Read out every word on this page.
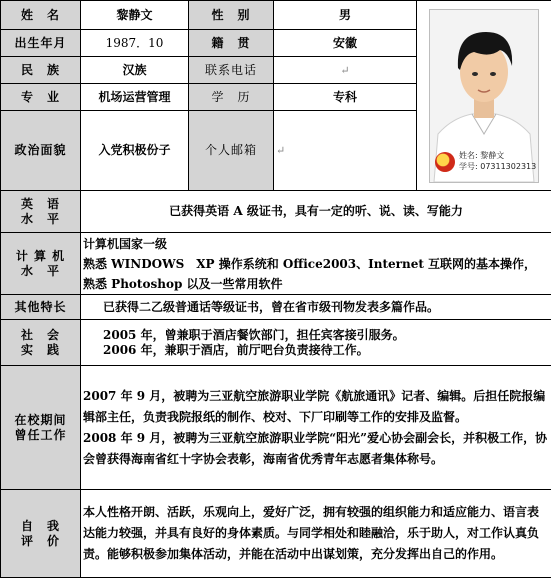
姓　名	黎静文	性　别	男	姓名: 黎静文
学号: 07311302313

出生年月	1987．10	籍　贯	安徽	
民　族	汉族	联系电话	↵	
专　业	机场运营管理	学　历	专科	
政治面貌	入党积极份子	个人邮箱	↵	

英　语
水　平	已获得英语 A 级证书，具有一定的听、说、读、写能力			

计 算 机
水　平	计算机国家一级
熟悉 WINDOWS　XP 操作系统和 Office2003、Internet 互联网的基本操作，
熟悉 Photoshop 以及一些常用软件			

其他特长	已获得二乙级普通话等级证书，曾在省市级刊物发表多篇作品。			

社　会
实　践	2005 年，曾兼职于酒店餐饮部门，担任宾客接引服务。
2006 年，兼职于酒店，前厅吧台负责接待工作。			

在校期间
曾任工作	2007 年 9 月，被聘为三亚航空旅游职业学院《航旅通讯》记者、编辑。后担任院报编辑部主任，负责我院报纸的制作、校对、下厂印刷等工作的安排及监督。
2008 年 9 月，被聘为三亚航空旅游职业学院“阳光”爱心协会副会长，并积极工作，协会曾获得海南省红十字协会表彰，海南省优秀青年志愿者集体称号。			

自　我
评　价	本人性格开朗、活跃，乐观向上，爱好广泛，拥有较强的组织能力和适应能力、语言表达能力较强，并具有良好的身体素质。与同学相处和睦融洽，乐于助人，对工作认真负责。能够积极参加集体活动，并能在活动中出谋划策，充分发挥出自己的作用。			
